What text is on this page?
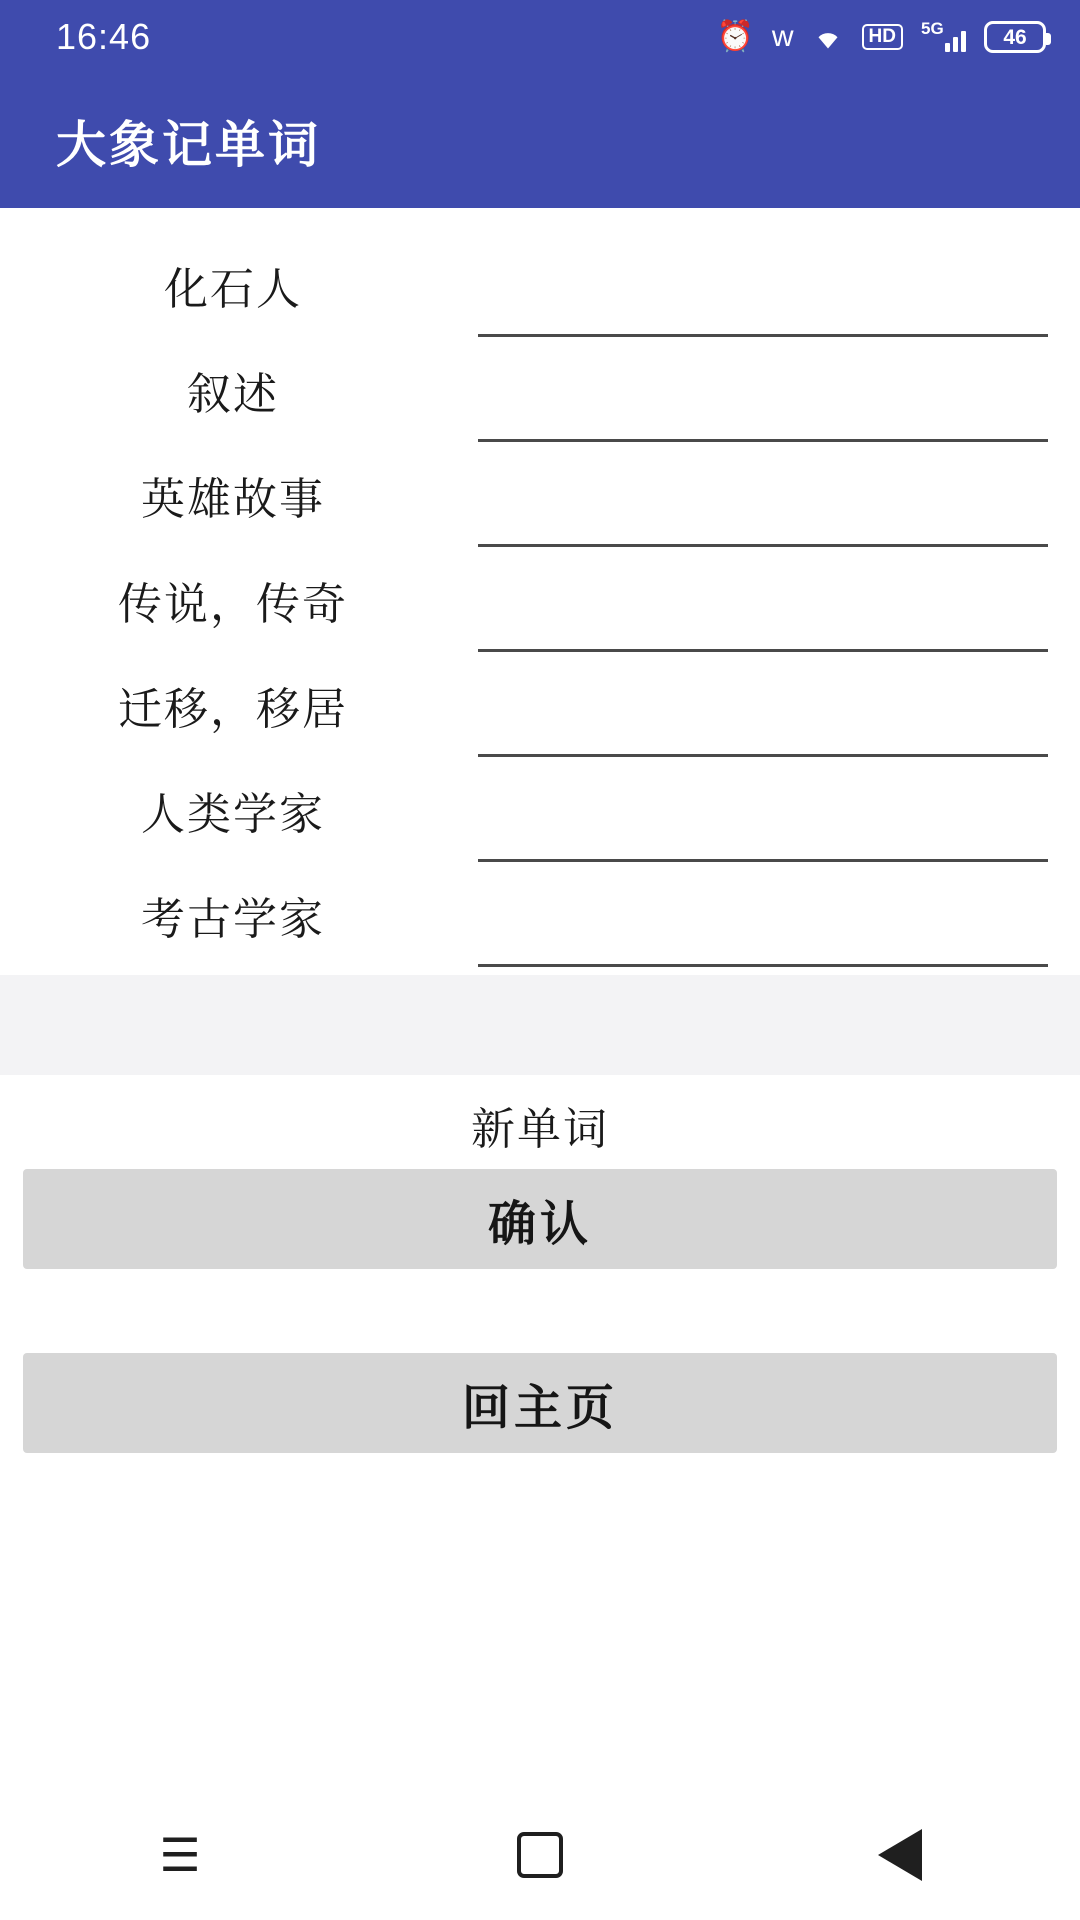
16:46	⏰ w	HD	5G	46
大象记单词
化石人
叙述
英雄故事
传说，传奇
迁移，移居
人类学家
考古学家
新单词
确认
回主页
☰
